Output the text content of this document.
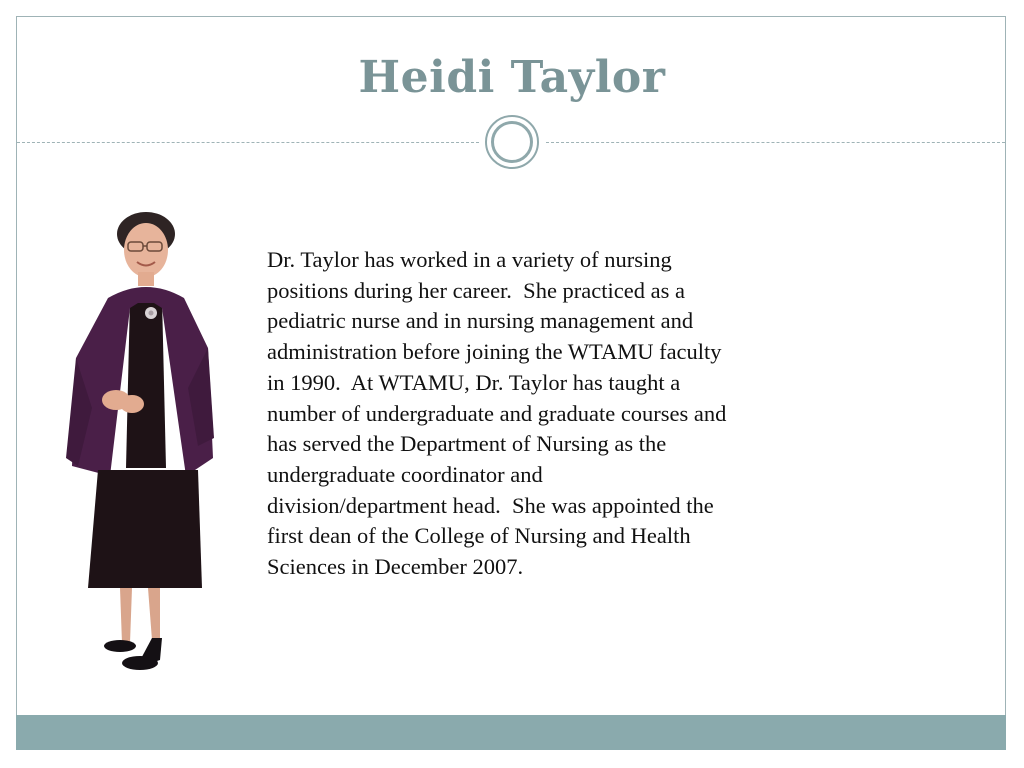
Heidi Taylor
Dr. Taylor has worked in a variety of nursing
positions during her career.  She practiced as a
pediatric nurse and in nursing management and
administration before joining the WTAMU faculty
in 1990.  At WTAMU, Dr. Taylor has taught a
number of undergraduate and graduate courses and
has served the Department of Nursing as the
undergraduate coordinator and
division/department head.  She was appointed the
first dean of the College of Nursing and Health
Sciences in December 2007.
